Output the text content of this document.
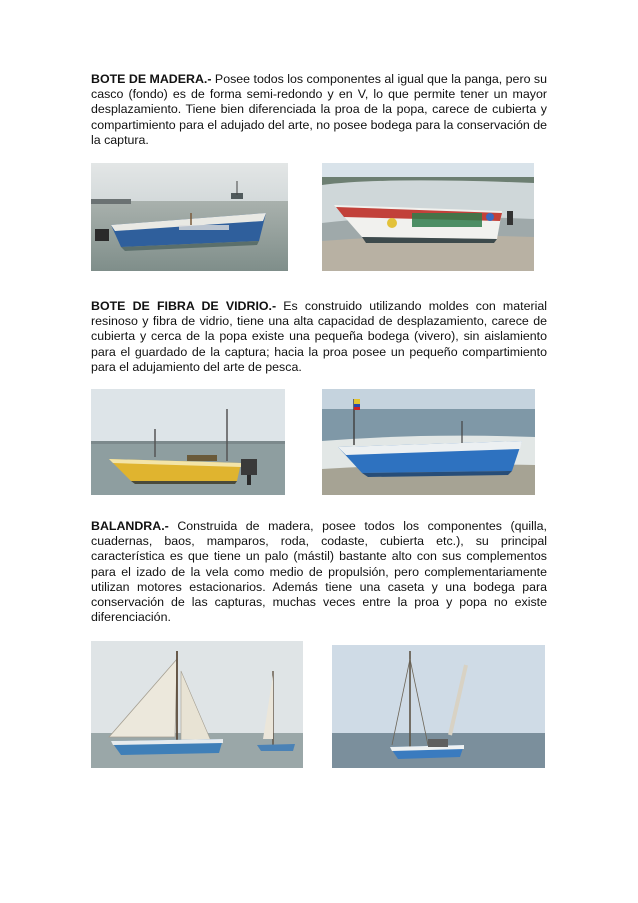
BOTE DE MADERA.- Posee todos los componentes al igual que la panga, pero su casco (fondo) es de forma semi-redondo y en V, lo que permite tener un mayor desplazamiento. Tiene bien diferenciada la proa de la popa, carece de cubierta y compartimiento para el adujado del arte, no posee bodega para la conservación de la captura.

BOTE DE FIBRA DE VIDRIO.- Es construido utilizando moldes con material resinoso y fibra de vidrio, tiene una alta capacidad de desplazamiento, carece de cubierta y cerca de la popa existe una pequeña bodega (vivero), sin aislamiento para el guardado de la captura; hacia la proa posee un pequeño compartimiento para el adujamiento del arte de pesca.

BALANDRA.- Construida de madera, posee todos los componentes (quilla, cuadernas, baos, mamparos, roda, codaste, cubierta etc.), su principal característica es que tiene un palo (mástil) bastante alto con sus complementos para el izado de la vela como medio de propulsión, pero complementariamente utilizan motores estacionarios. Además tiene una caseta y una bodega para conservación de las capturas, muchas veces entre la proa y popa no existe diferenciación.
